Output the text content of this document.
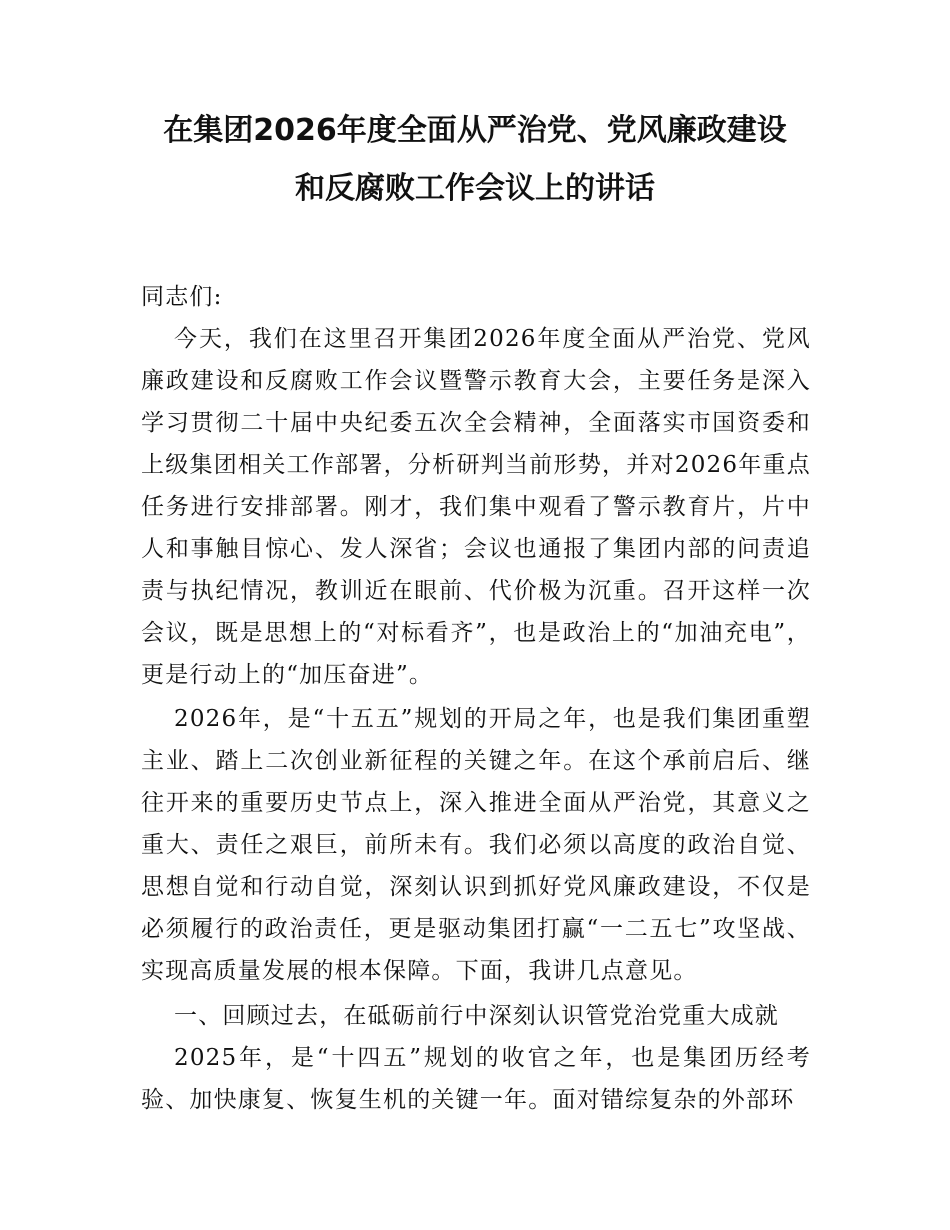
在集团2026年度全面从严治党、党风廉政建设
和反腐败工作会议上的讲话
同志们:
今天，我们在这里召开集团2026年度全面从严治党、党风廉政建设和反腐败工作会议暨警示教育大会，主要任务是深入学习贯彻二十届中央纪委五次全会精神，全面落实市国资委和上级集团相关工作部署，分析研判当前形势，并对2026年重点任务进行安排部署。刚才，我们集中观看了警示教育片，片中人和事触目惊心、发人深省；会议也通报了集团内部的问责追责与执纪情况，教训近在眼前、代价极为沉重。召开这样一次会议，既是思想上的“对标看齐”，也是政治上的“加油充电”，更是行动上的“加压奋进”。
2026年，是“十五五”规划的开局之年，也是我们集团重塑主业、踏上二次创业新征程的关键之年。在这个承前启后、继往开来的重要历史节点上，深入推进全面从严治党，其意义之重大、责任之艰巨，前所未有。我们必须以高度的政治自觉、思想自觉和行动自觉，深刻认识到抓好党风廉政建设，不仅是必须履行的政治责任，更是驱动集团打赢“一二五七”攻坚战、实现高质量发展的根本保障。下面，我讲几点意见。
一、回顾过去，在砥砺前行中深刻认识管党治党重大成就
2025年，是“十四五”规划的收官之年，也是集团历经考验、加快康复、恢复生机的关键一年。面对错综复杂的外部环
